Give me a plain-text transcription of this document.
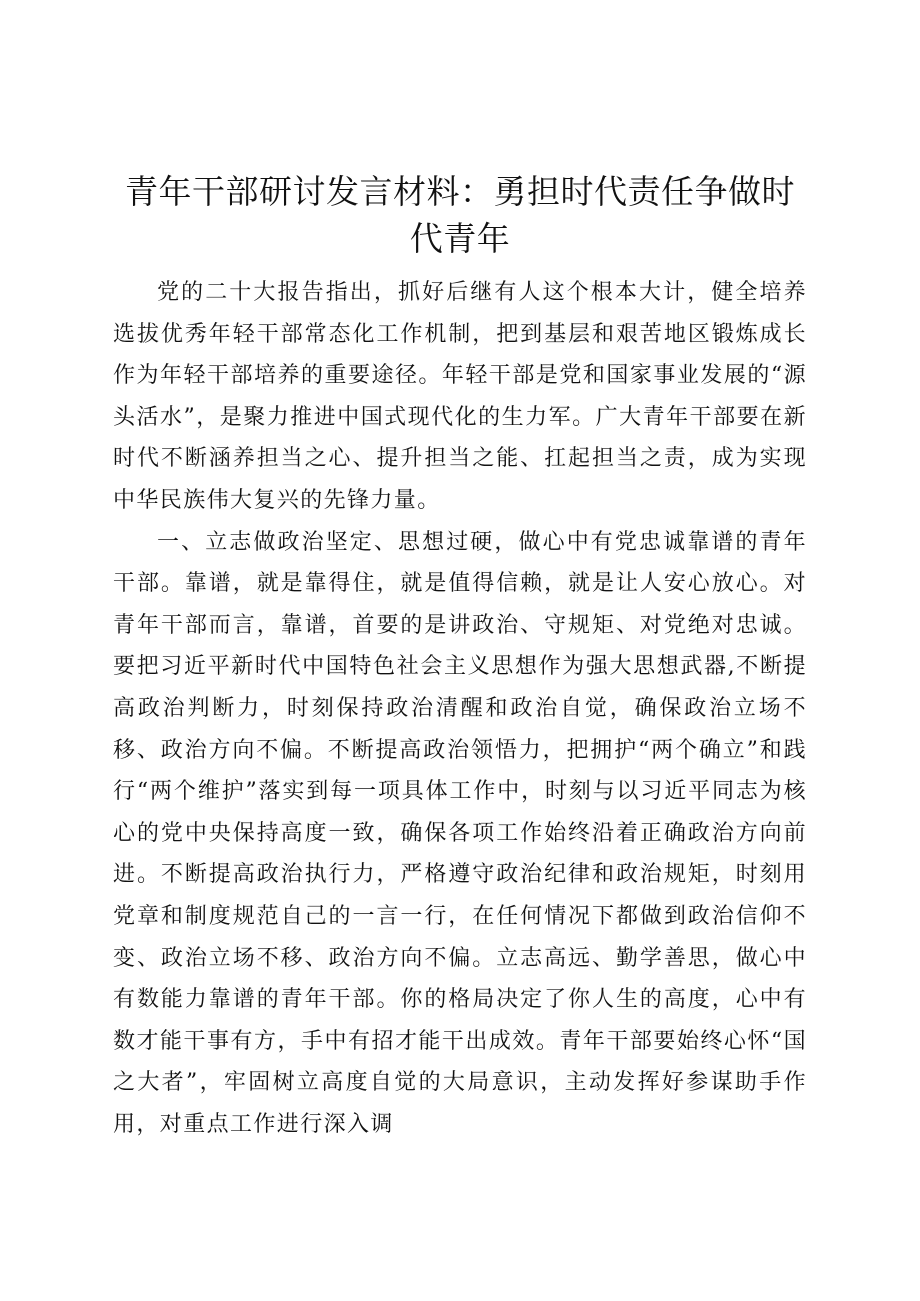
青年干部研讨发言材料：勇担时代责任争做时代青年

党的二十大报告指出，抓好后继有人这个根本大计，健全培养选拔优秀年轻干部常态化工作机制，把到基层和艰苦地区锻炼成长作为年轻干部培养的重要途径。年轻干部是党和国家事业发展的“源头活水”，是聚力推进中国式现代化的生力军。广大青年干部要在新时代不断涵养担当之心、提升担当之能、扛起担当之责，成为实现中华民族伟大复兴的先锋力量。

一、立志做政治坚定、思想过硬，做心中有党忠诚靠谱的青年干部。靠谱，就是靠得住，就是值得信赖，就是让人安心放心。对青年干部而言，靠谱，首要的是讲政治、守规矩、对党绝对忠诚。要把习近平新时代中国特色社会主义思想作为强大思想武器,不断提高政治判断力，时刻保持政治清醒和政治自觉，确保政治立场不移、政治方向不偏。不断提高政治领悟力，把拥护“两个确立”和践行“两个维护”落实到每一项具体工作中，时刻与以习近平同志为核心的党中央保持高度一致，确保各项工作始终沿着正确政治方向前进。不断提高政治执行力，严格遵守政治纪律和政治规矩，时刻用党章和制度规范自己的一言一行，在任何情况下都做到政治信仰不变、政治立场不移、政治方向不偏。立志高远、勤学善思，做心中有数能力靠谱的青年干部。你的格局决定了你人生的高度，心中有数才能干事有方，手中有招才能干出成效。青年干部要始终心怀“国之大者”，牢固树立高度自觉的大局意识，主动发挥好参谋助手作用，对重点工作进行深入调
